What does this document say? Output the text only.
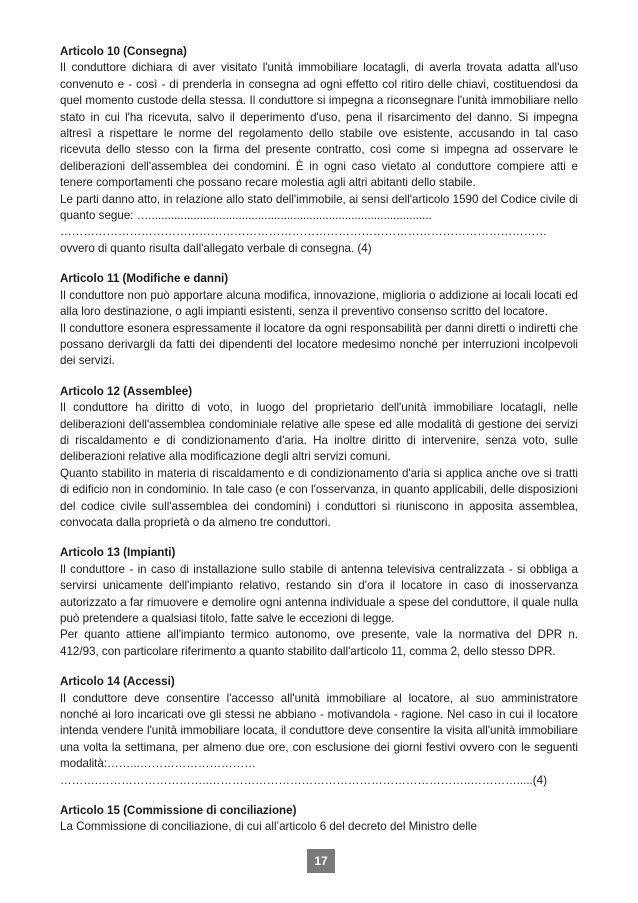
Articolo 10 (Consegna)

Il conduttore dichiara di aver visitato l'unità immobiliare locatagli, di averla trovata adatta all'uso convenuto e - così - di prenderla in consegna ad ogni effetto col ritiro delle chiavi, costituendosi da quel momento custode della stessa. Il conduttore si impegna a riconsegnare l'unità immobiliare nello stato in cui l'ha ricevuta, salvo il deperimento d'uso, pena il risarcimento del danno. Si impegna altresì a rispettare le norme del regolamento dello stabile ove esistente, accusando in tal caso ricevuta dello stesso con la firma del presente contratto, così come si impegna ad osservare le deliberazioni dell'assemblea dei condomini. È in ogni caso vietato al conduttore compiere atti e tenere comportamenti che possano recare molestia agli altri abitanti dello stabile.

Le parti danno atto, in relazione allo stato dell'immobile, ai sensi dell'articolo 1590 del Codice civile di quanto segue: …........................................................................................

………………………………………………………………………………………………………………

ovvero di quanto risulta dall'allegato verbale di consegna. (4)

Articolo 11 (Modifiche e danni)

Il conduttore non può apportare alcuna modifica, innovazione, miglioria o addizione ai locali locati ed alla loro destinazione, o agli impianti esistenti, senza il preventivo consenso scritto del locatore.

Il conduttore esonera espressamente il locatore da ogni responsabilità per danni diretti o indiretti che possano derivargli da fatti dei dipendenti del locatore medesimo nonché per interruzioni incolpevoli dei servizi.

Articolo 12 (Assemblee)

Il conduttore ha diritto di voto, in luogo del proprietario dell'unità immobiliare locatagli, nelle deliberazioni dell'assemblea condominiale relative alle spese ed alle modalità di gestione dei servizi di riscaldamento e di condizionamento d'aria. Ha inoltre diritto di intervenire, senza voto, sulle deliberazioni relative alla modificazione degli altri servizi comuni.

Quanto stabilito in materia di riscaldamento e di condizionamento d'aria si applica anche ove si tratti di edificio non in condominio. In tale caso (e con l'osservanza, in quanto applicabili, delle disposizioni del codice civile sull'assemblea dei condomini) i conduttori si riuniscono in apposita assemblea, convocata dalla proprietà o da almeno tre conduttori.

Articolo 13 (Impianti)

Il conduttore - in caso di installazione sullo stabile di antenna televisiva centralizzata - si obbliga a servirsi unicamente dell'impianto relativo, restando sin d'ora il locatore in caso di inosservanza autorizzato a far rimuovere e demolire ogni antenna individuale a spese del conduttore, il quale nulla può pretendere a qualsiasi titolo, fatte salve le eccezioni di legge.

Per quanto attiene all'impianto termico autonomo, ove presente, vale la normativa del DPR n. 412/93, con particolare riferimento a quanto stabilito dall'articolo 11, comma 2, dello stesso DPR.

Articolo 14 (Accessi)

Il conduttore deve consentire l'accesso all'unità immobiliare al locatore, al suo amministratore nonché ai loro incaricati ove gli stessi ne abbiano - motivandola - ragione. Nel caso in cui il locatore intenda vendere l'unità immobiliare locata, il conduttore deve consentire la visita all'unità immobiliare una volta la settimana, per almeno due ore, con esclusione dei giorni festivi ovvero con le seguenti modalità:……...…………………………

……….………………………..…………………………………………………………..………….....(4)

Articolo 15 (Commissione di conciliazione)

La Commissione di conciliazione, di cui all’articolo 6 del decreto del Ministro delle

17
